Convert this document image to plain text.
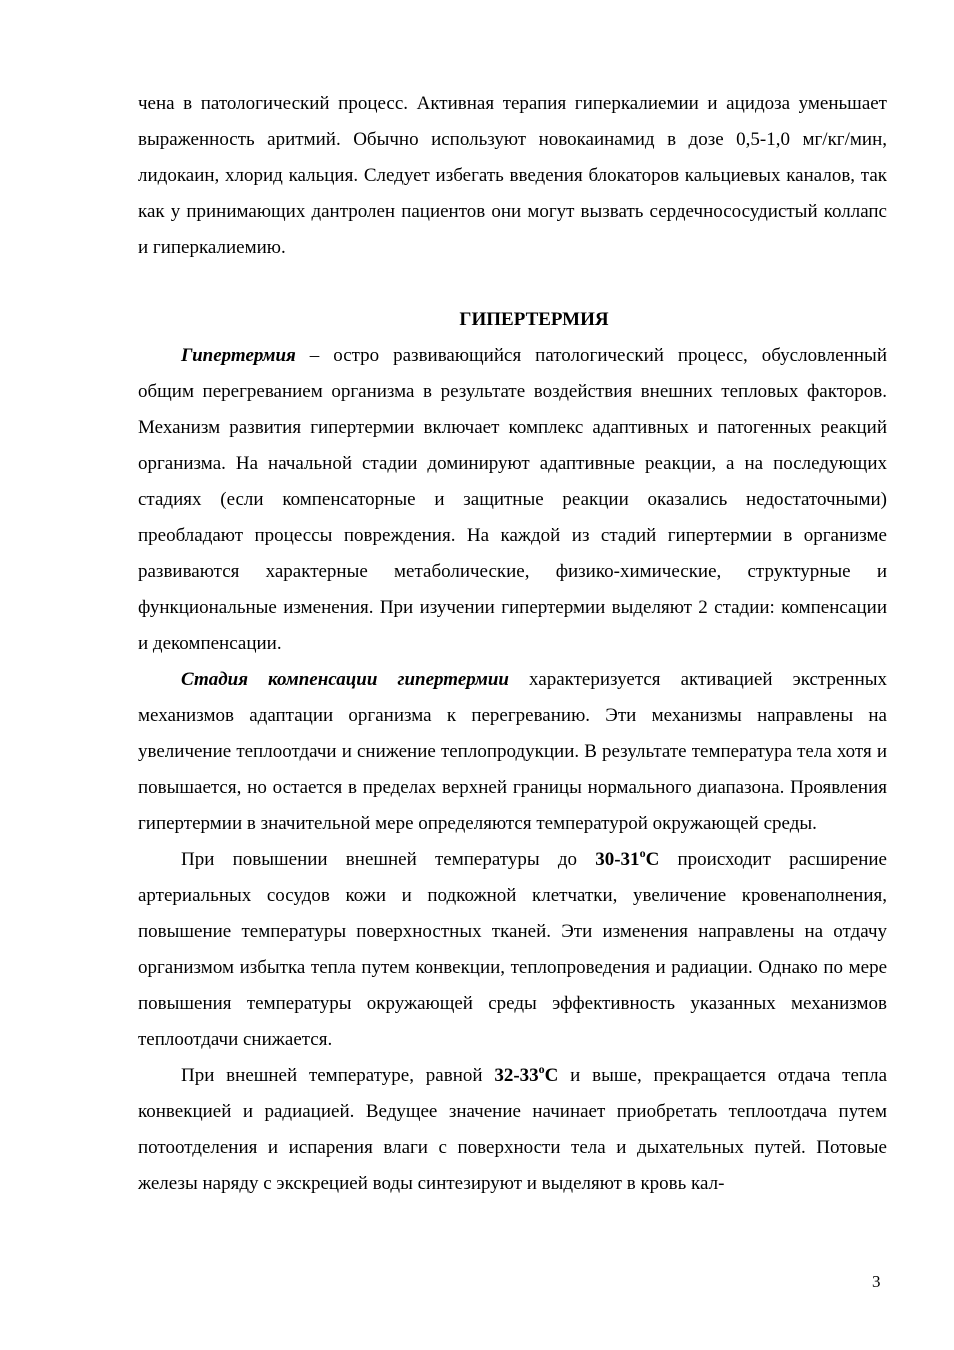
чена в патологический процесс. Активная терапия гиперкалиемии и ацидоза уменьшает выраженность аритмий. Обычно используют новокаинамид в дозе 0,5-1,0 мг/кг/мин, лидокаин, хлорид кальция. Следует избегать введения блокаторов кальциевых каналов, так как у принимающих дантролен пациентов они могут вызвать сердечнососудистый коллапс и гиперкалиемию.

ГИПЕРТЕРМИЯ

Гипертермия – остро развивающийся патологический процесс, обусловленный общим перегреванием организма в результате воздействия внешних тепловых факторов. Механизм развития гипертермии включает комплекс адаптивных и патогенных реакций организма. На начальной стадии доминируют адаптивные реакции, а на последующих стадиях (если компенсаторные и защитные реакции оказались недостаточными) преобладают процессы повреждения. На каждой из стадий гипертермии в организме развиваются характерные метаболические, физико-химические, структурные и функциональные изменения. При изучении гипертермии выделяют 2 стадии: компенсации и декомпенсации.

Стадия компенсации гипертермии характеризуется активацией экстренных механизмов адаптации организма к перегреванию. Эти механизмы направлены на увеличение теплоотдачи и снижение теплопродукции. В результате температура тела хотя и повышается, но остается в пределах верхней границы нормального диапазона. Проявления гипертермии в значительной мере определяются температурой окружающей среды.

При повышении внешней температуры до 30-31$^o$С происходит расширение артериальных сосудов кожи и подкожной клетчатки, увеличение кровенаполнения, повышение температуры поверхностных тканей. Эти изменения направлены на отдачу организмом избытка тепла путем конвекции, теплопроведения и радиации. Однако по мере повышения температуры окружающей среды эффективность указанных механизмов теплоотдачи снижается.

При внешней температуре, равной 32-33$^o$С и выше, прекращается отдача тепла конвекцией и радиацией. Ведущее значение начинает приобретать теплоотдача путем потоотделения и испарения влаги с поверхности тела и дыхательных путей. Потовые железы наряду с экскрецией воды синтезируют и выделяют в кровь кал-

3
